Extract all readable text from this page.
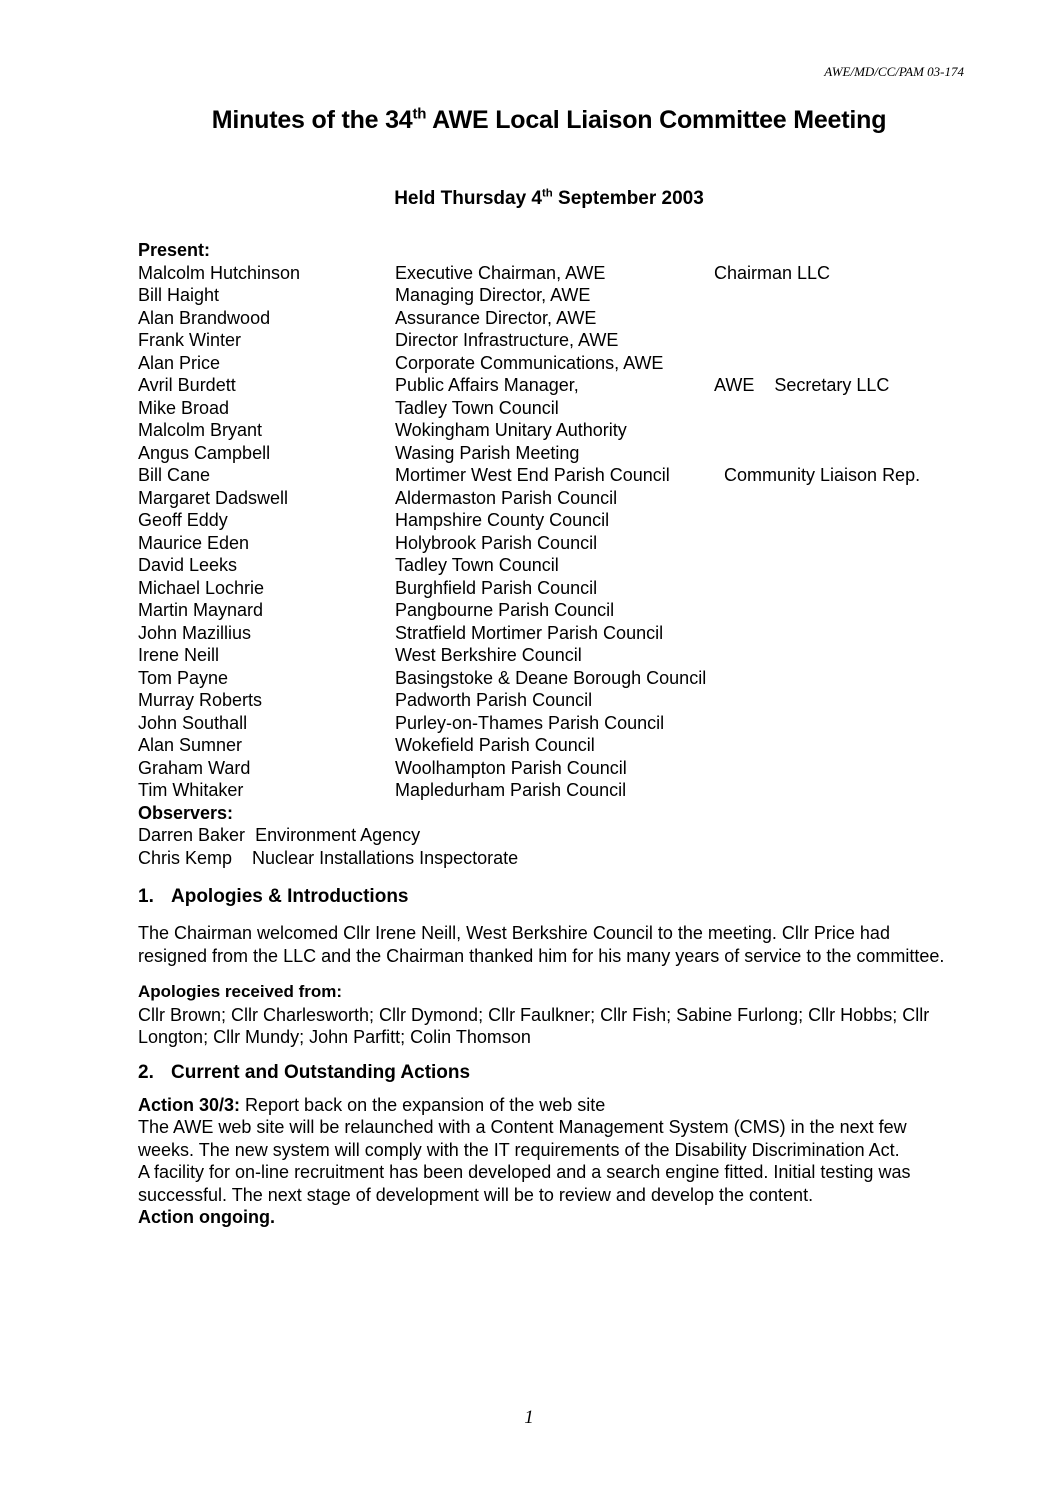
AWE/MD/CC/PAM 03-174
Minutes of the 34th AWE Local Liaison Committee Meeting
Held Thursday 4th September 2003
Present:
Malcolm Hutchinson	Executive Chairman, AWE	Chairman LLC
Bill Haight	Managing Director, AWE
Alan Brandwood	Assurance Director, AWE
Frank Winter	Director Infrastructure, AWE
Alan Price	Corporate Communications, AWE
Avril Burdett	Public Affairs Manager,	AWE    Secretary LLC
Mike Broad	Tadley Town Council
Malcolm Bryant	Wokingham Unitary Authority
Angus Campbell	Wasing Parish Meeting
Bill Cane	Mortimer West End Parish Council	Community Liaison Rep.
Margaret Dadswell	Aldermaston Parish Council
Geoff Eddy	Hampshire County Council
Maurice Eden	Holybrook Parish Council
David Leeks	Tadley Town Council
Michael Lochrie	Burghfield Parish Council
Martin Maynard	Pangbourne Parish Council
John Mazillius	Stratfield Mortimer Parish Council
Irene Neill	West Berkshire Council
Tom Payne	Basingstoke & Deane Borough Council
Murray Roberts	Padworth Parish Council
John Southall	Purley-on-Thames Parish Council
Alan Sumner	Wokefield Parish Council
Graham Ward	Woolhampton Parish Council
Tim Whitaker	Mapledurham Parish Council
Observers:
Darren Baker Environment Agency
Chris Kemp Nuclear Installations Inspectorate
1. Apologies & Introductions

The Chairman welcomed Cllr Irene Neill, West Berkshire Council to the meeting. Cllr Price had resigned from the LLC and the Chairman thanked him for his many years of service to the committee.

Apologies received from:

Cllr Brown; Cllr Charlesworth; Cllr Dymond; Cllr Faulkner; Cllr Fish; Sabine Furlong; Cllr Hobbs; Cllr Longton; Cllr Mundy; John Parfitt; Colin Thomson

2. Current and Outstanding Actions

Action 30/3: Report back on the expansion of the web site

The AWE web site will be relaunched with a Content Management System (CMS) in the next few weeks. The new system will comply with the IT requirements of the Disability Discrimination Act.

A facility for on-line recruitment has been developed and a search engine fitted. Initial testing was successful. The next stage of development will be to review and develop the content.

Action ongoing.

1
